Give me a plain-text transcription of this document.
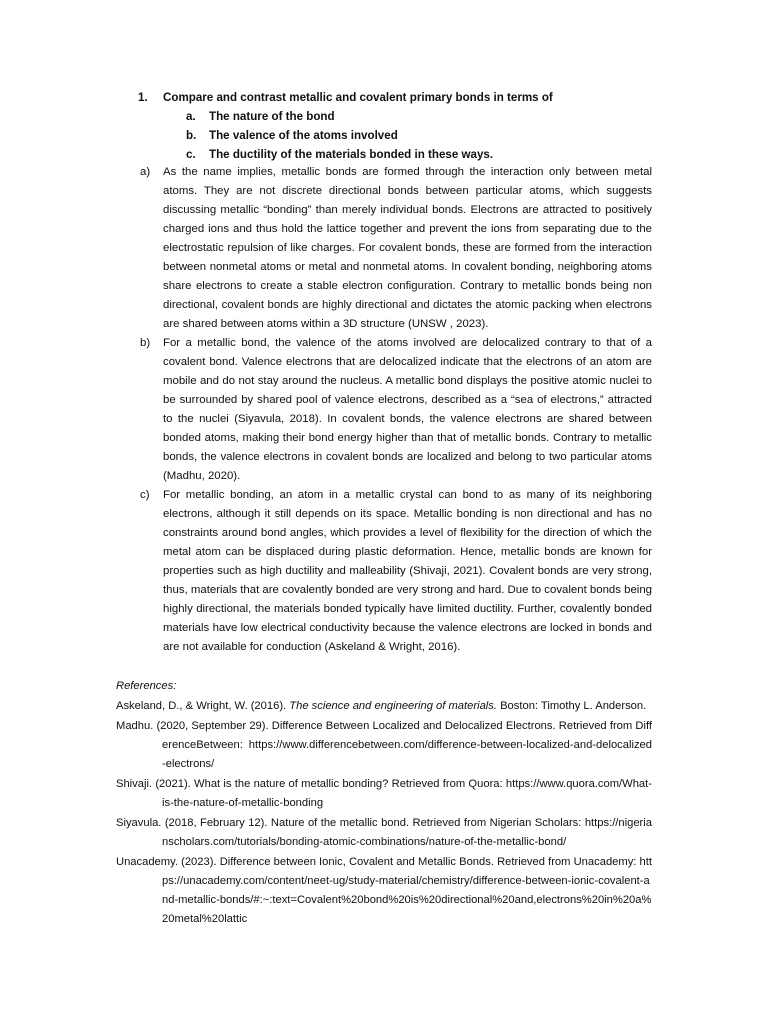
1. Compare and contrast metallic and covalent primary bonds in terms of
a. The nature of the bond
b. The valence of the atoms involved
c. The ductility of the materials bonded in these ways.

a) As the name implies, metallic bonds are formed through the interaction only between metal atoms. They are not discrete directional bonds between particular atoms, which suggests discussing metallic “bonding” than merely individual bonds. Electrons are attracted to positively charged ions and thus hold the lattice together and prevent the ions from separating due to the electrostatic repulsion of like charges. For covalent bonds, these are formed from the interaction between nonmetal atoms or metal and nonmetal atoms. In covalent bonding, neighboring atoms share electrons to create a stable electron configuration. Contrary to metallic bonds being non directional, covalent bonds are highly directional and dictates the atomic packing when electrons are shared between atoms within a 3D structure (UNSW , 2023).

b) For a metallic bond, the valence of the atoms involved are delocalized contrary to that of a covalent bond. Valence electrons that are delocalized indicate that the electrons of an atom are mobile and do not stay around the nucleus. A metallic bond displays the positive atomic nuclei to be surrounded by shared pool of valence electrons, described as a “sea of electrons,” attracted to the nuclei (Siyavula, 2018). In covalent bonds, the valence electrons are shared between bonded atoms, making their bond energy higher than that of metallic bonds. Contrary to metallic bonds, the valence electrons in covalent bonds are localized and belong to two particular atoms (Madhu, 2020).

c) For metallic bonding, an atom in a metallic crystal can bond to as many of its neighboring electrons, although it still depends on its space. Metallic bonding is non directional and has no constraints around bond angles, which provides a level of flexibility for the direction of which the metal atom can be displaced during plastic deformation. Hence, metallic bonds are known for properties such as high ductility and malleability (Shivaji, 2021). Covalent bonds are very strong, thus, materials that are covalently bonded are very strong and hard. Due to covalent bonds being highly directional, the materials bonded typically have limited ductility. Further, covalently bonded materials have low electrical conductivity because the valence electrons are locked in bonds and are not available for conduction (Askeland & Wright, 2016).

References:

Askeland, D., & Wright, W. (2016). The science and engineering of materials. Boston: Timothy L. Anderson.

Madhu. (2020, September 29). Difference Between Localized and Delocalized Electrons. Retrieved from DifferenceBetween: https://www.differencebetween.com/difference-between-localized-and-delocalized-electrons/

Shivaji. (2021). What is the nature of metallic bonding? Retrieved from Quora: https://www.quora.com/What-is-the-nature-of-metallic-bonding

Siyavula. (2018, February 12). Nature of the metallic bond. Retrieved from Nigerian Scholars: https://nigerianscholars.com/tutorials/bonding-atomic-combinations/nature-of-the-metallic-bond/

Unacademy. (2023). Difference between Ionic, Covalent and Metallic Bonds. Retrieved from Unacademy: https://unacademy.com/content/neet-ug/study-material/chemistry/difference-between-ionic-covalent-and-metallic-bonds/#:~:text=Covalent%20bond%20is%20directional%20and,electrons%20in%20a%20metal%20lattic
